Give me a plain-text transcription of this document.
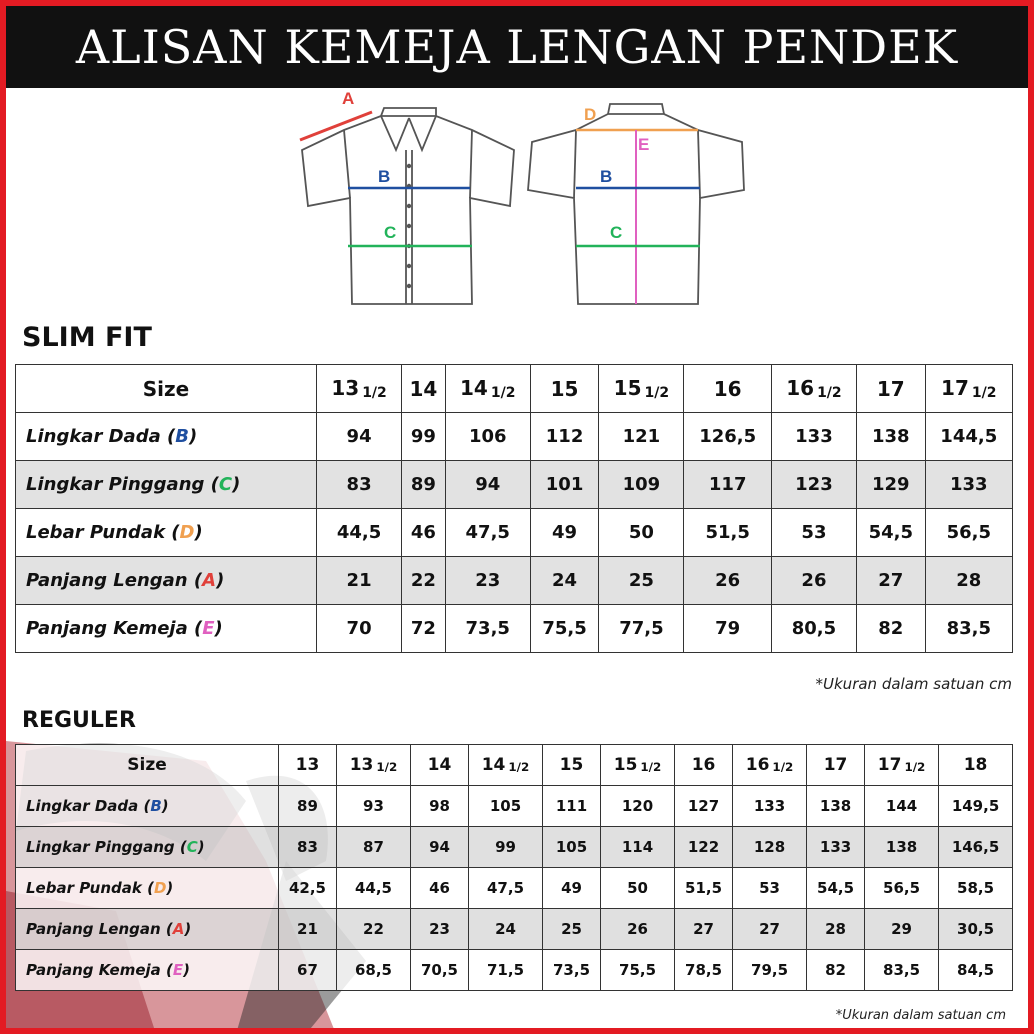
ALISAN KEMEJA LENGAN PENDEK
A
B
C
D
E
B
C
SLIM FIT
Size	13 $_{1/2}$	14	14 $_{1/2}$	15	15 $_{1/2}$	16	16 $_{1/2}$	17	17 $_{1/2}$
Lingkar Dada (B)	94	99	106	112	121	126,5	133	138	144,5
Lingkar Pinggang (C)	83	89	94	101	109	117	123	129	133
Lebar Pundak (D)	44,5	46	47,5	49	50	51,5	53	54,5	56,5
Panjang Lengan (A)	21	22	23	24	25	26	26	27	28
Panjang Kemeja (E)	70	72	73,5	75,5	77,5	79	80,5	82	83,5
*Ukuran dalam satuan cm
REGULER
Size	13	13 $_{1/2}$	14	14 $_{1/2}$	15	15 $_{1/2}$	16	16 $_{1/2}$	17	17 $_{1/2}$	18
Lingkar Dada (B)	89	93	98	105	111	120	127	133	138	144	149,5
Lingkar Pinggang (C)	83	87	94	99	105	114	122	128	133	138	146,5
Lebar Pundak (D)	42,5	44,5	46	47,5	49	50	51,5	53	54,5	56,5	58,5
Panjang Lengan (A)	21	22	23	24	25	26	27	27	28	29	30,5
Panjang Kemeja (E)	67	68,5	70,5	71,5	73,5	75,5	78,5	79,5	82	83,5	84,5
*Ukuran dalam satuan cm
